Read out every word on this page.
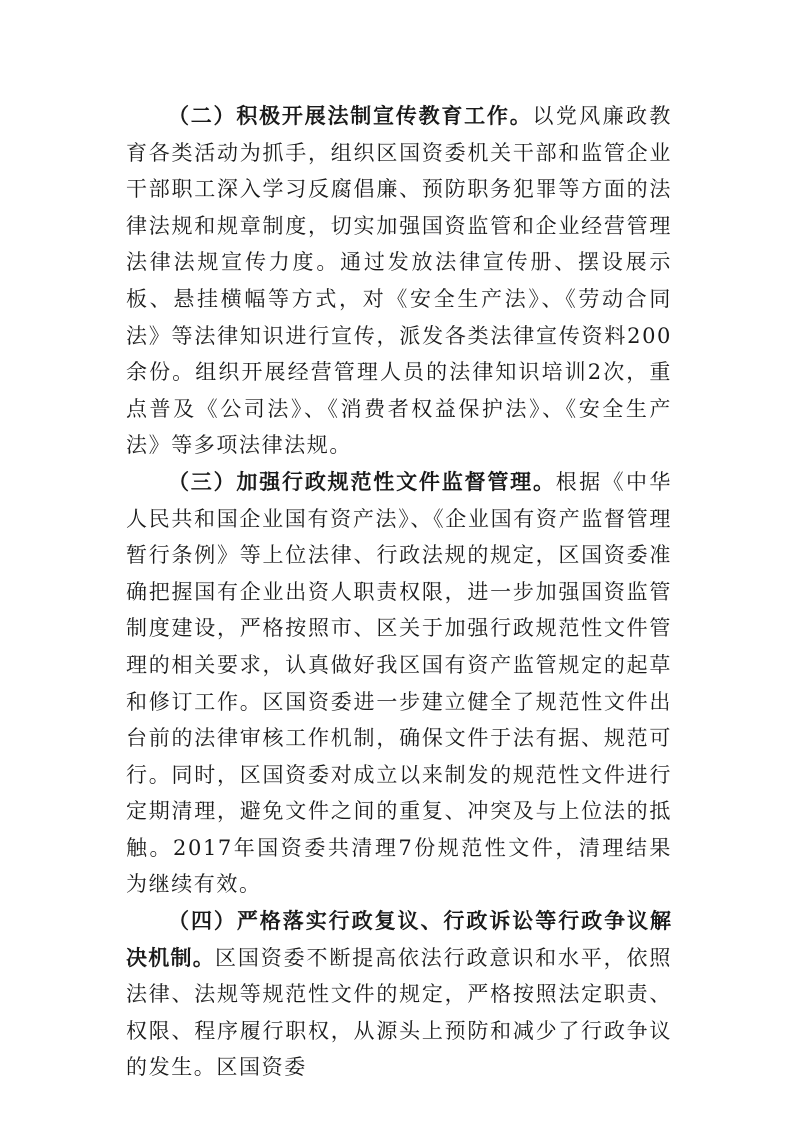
（二）积极开展法制宣传教育工作。以党风廉政教育各类活动为抓手，组织区国资委机关干部和监管企业干部职工深入学习反腐倡廉、预防职务犯罪等方面的法律法规和规章制度，切实加强国资监管和企业经营管理法律法规宣传力度。通过发放法律宣传册、摆设展示板、悬挂横幅等方式，对《安全生产法》、《劳动合同法》等法律知识进行宣传，派发各类法律宣传资料200余份。组织开展经营管理人员的法律知识培训2次，重点普及《公司法》、《消费者权益保护法》、《安全生产法》等多项法律法规。

（三）加强行政规范性文件监督管理。根据《中华人民共和国企业国有资产法》、《企业国有资产监督管理暂行条例》等上位法律、行政法规的规定，区国资委准确把握国有企业出资人职责权限，进一步加强国资监管制度建设，严格按照市、区关于加强行政规范性文件管理的相关要求，认真做好我区国有资产监管规定的起草和修订工作。区国资委进一步建立健全了规范性文件出台前的法律审核工作机制，确保文件于法有据、规范可行。同时，区国资委对成立以来制发的规范性文件进行定期清理，避免文件之间的重复、冲突及与上位法的抵触。2017年国资委共清理7份规范性文件，清理结果为继续有效。

（四）严格落实行政复议、行政诉讼等行政争议解决机制。区国资委不断提高依法行政意识和水平，依照法律、法规等规范性文件的规定，严格按照法定职责、权限、程序履行职权，从源头上预防和减少了行政争议的发生。区国资委
